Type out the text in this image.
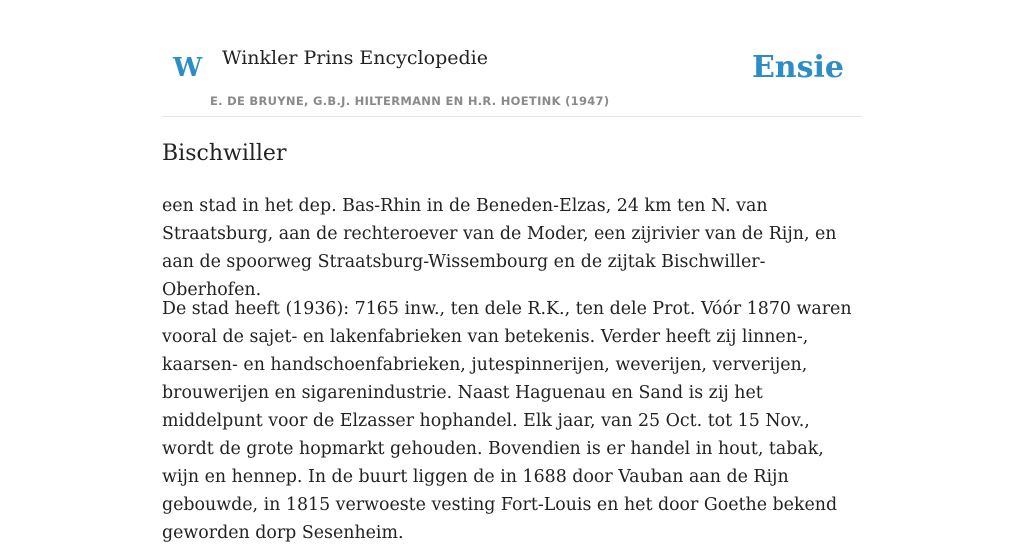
W Winkler Prins Encyclopedie
E. DE BRUYNE, G.B.J. HILTERMANN EN H.R. HOETINK (1947)
Ensie
Bischwiller

een stad in het dep. Bas-Rhin in de Beneden-Elzas, 24 km ten N. van Straatsburg, aan de rechteroever van de Moder, een zijrivier van de Rijn, en aan de spoorweg Straatsburg-Wissembourg en de zijtak Bischwiller-Oberhofen.

De stad heeft (1936): 7165 inw., ten dele R.K., ten dele Prot. Vóór 1870 waren vooral de sajet- en lakenfabrieken van betekenis. Verder heeft zij linnen-, kaarsen- en handschoenfabrieken, jutespinnerijen, weverijen, ververijen, brouwerijen en sigarenindustrie. Naast Haguenau en Sand is zij het middelpunt voor de Elzasser hophandel. Elk jaar, van 25 Oct. tot 15 Nov., wordt de grote hopmarkt gehouden. Bovendien is er handel in hout, tabak, wijn en hennep. In de buurt liggen de in 1688 door Vauban aan de Rijn gebouwde, in 1815 verwoeste vesting Fort-Louis en het door Goethe bekend geworden dorp Sesenheim.
